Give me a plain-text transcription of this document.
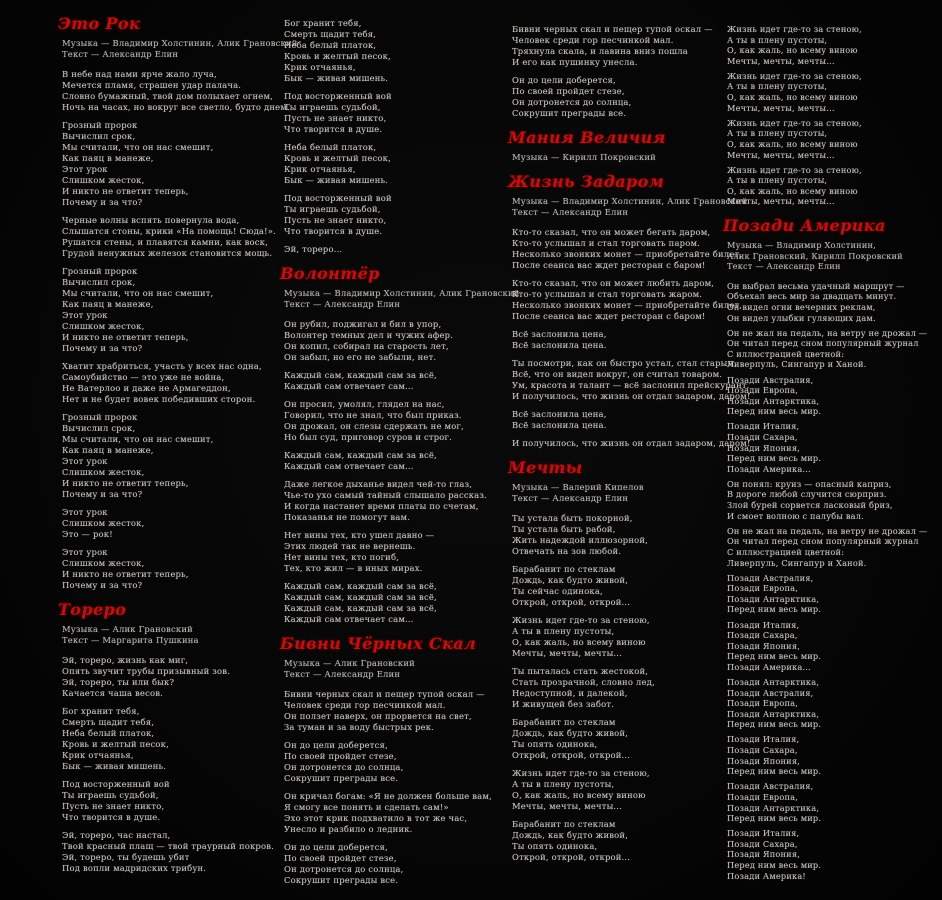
Это Рок
Музыка — Владимир Холстинин, Алик Грановский
Текст — Александр Елин
В небе над нами ярче жало луча,
Мечется пламя, страшен удар палача.
Словно бумажный, твой дом полыхает огнем,
Ночь на часах, но вокруг все светло, будто днем.
Грозный пророк
Вычислил срок,
Мы считали, что он нас смешит,
Как паяц в манеже,
Этот урок
Слишком жесток,
И никто не ответит теперь,
Почему и за что?
Черные волны вспять повернула вода,
Слышатся стоны, крики «На помощь! Сюда!».
Рушатся стены, и плавятся камни, как воск,
Грудой ненужных железок становится мощь.
Грозный пророк
Вычислил срок,
Мы считали, что он нас смешит,
Как паяц в манеже,
Этот урок
Слишком жесток,
И никто не ответит теперь,
Почему и за что?
Хватит храбриться, участь у всех нас одна,
Самоубийство — это уже не война,
Не Ватерлоо и даже не Армагеддон,
Нет и не будет вовек победивших сторон.
Грозный пророк
Вычислил срок,
Мы считали, что он нас смешит,
Как паяц в манеже,
Этот урок
Слишком жесток,
И никто не ответит теперь,
Почему и за что?
Этот урок
Слишком жесток,
Это — рок!
Этот урок
Слишком жесток,
И никто не ответит теперь,
Почему и за что?
Тореро
Музыка — Алик Грановский
Текст — Маргарита Пушкина
Эй, тореро, жизнь как миг,
Опять звучит трубы призывный зов.
Эй, тореро, ты или бык?
Качается чаша весов.
Бог хранит тебя,
Смерть щадит тебя,
Неба белый платок,
Кровь и желтый песок,
Крик отчаянья,
Бык — живая мишень.
Под восторженный вой
Ты играешь судьбой,
Пусть не знает никто,
Что творится в душе.
Эй, тореро, час настал,
Твой красный плащ — твой траурный покров.
Эй, тореро, ты будешь убит
Под вопли мадридских трибун.
Бог хранит тебя,
Смерть щадит тебя,
Неба белый платок,
Кровь и желтый песок,
Крик отчаянья,
Бык — живая мишень.
Под восторженный вой
Ты играешь судьбой,
Пусть не знает никто,
Что творится в душе.
Неба белый платок,
Кровь и желтый песок,
Крик отчаянья,
Бык — живая мишень.
Под восторженный вой
Ты играешь судьбой,
Пусть не знает никто,
Что творится в душе.
Эй, тореро...
Волонтёр
Музыка — Владимир Холстинин, Алик Грановский
Текст — Александр Елин
Он рубил, поджигал и бил в упор,
Волонтер темных дел и чужих афер.
Он копил, собирал на старость лет,
Он забыл, но его не забыли, нет.
Каждый сам, каждый сам за всё,
Каждый сам отвечает сам...
Он просил, умолял, глядел на нас,
Говорил, что не знал, что был приказ.
Он дрожал, он слезы сдержать не мог,
Но был суд, приговор суров и строг.
Каждый сам, каждый сам за всё,
Каждый сам отвечает сам...
Даже легкое дыханье видел чей-то глаз,
Чье-то ухо самый тайный слышало рассказ.
И когда настанет время платы по счетам,
Показанья не помогут вам.
Нет вины тех, кто ушел давно —
Этих людей так не вернешь.
Нет вины тех, кто погиб,
Тех, кто жил — в иных мирах.
Каждый сам, каждый сам за всё,
Каждый сам, каждый сам за всё,
Каждый сам, каждый сам за всё,
Каждый сам отвечает сам...
Бивни Чёрных Скал
Музыка — Алик Грановский
Текст — Александр Елин
Бивни черных скал и пещер тупой оскал —
Человек среди гор песчинкой мал.
Он ползет наверх, он прорвется на свет,
За туман и за воду быстрых рек.
Он до цели доберется,
По своей пройдет стезе,
Он дотронется до солнца,
Сокрушит преграды все.
Он кричал богам: «Я не должен больше вам,
Я смогу все понять и сделать сам!»
Эхо этот крик подхватило в тот же час,
Унесло и разбило о ледник.
Он до цели доберется,
По своей пройдет стезе,
Он дотронется до солнца,
Сокрушит преграды все.
Бивни черных скал и пещер тупой оскал —
Человек среди гор песчинкой мал.
Тряхнула скала, и лавина вниз пошла
И его как пушинку унесла.
Он до цели доберется,
По своей пройдет стезе,
Он дотронется до солнца,
Сокрушит преграды все.
Мания Величия
Музыка — Кирилл Покровский
Жизнь Задаром
Музыка — Владимир Холстинин, Алик Грановский
Текст — Александр Елин
Кто-то сказал, что он может бегать даром,
Кто-то услышал и стал торговать паром.
Несколько звонких монет — приобретайте билет,
После сеанса вас ждет ресторан с баром!
Кто-то сказал, что он может любить даром,
Кто-то услышал и стал торговать жаром.
Несколько звонких монет — приобретайте билет,
После сеанса вас ждет ресторан с баром!
Всё заслонила цена,
Всё заслонила цена.
Ты посмотри, как он быстро устал, стал старым,
Всё, что он видел вокруг, он считал товаром.
Ум, красота и талант — всё заслонил прейскурант,
И получилось, что жизнь он отдал задаром, даром!
Всё заслонила цена,
Всё заслонила цена.
И получилось, что жизнь он отдал задаром, даром!
Мечты
Музыка — Валерий Кипелов
Текст — Александр Елин
Ты устала быть покорной,
Ты устала быть рабой,
Жить надеждой иллюзорной,
Отвечать на зов любой.
Барабанит по стеклам
Дождь, как будто живой,
Ты сейчас одинока,
Открой, открой, открой...
Жизнь идет где-то за стеною,
А ты в плену пустоты,
О, как жаль, но всему виною
Мечты, мечты, мечты...
Ты пыталась стать жестокой,
Стать прозрачной, словно лед,
Недоступной, и далекой,
И живущей без забот.
Барабанит по стеклам
Дождь, как будто живой,
Ты опять одинока,
Открой, открой, открой...
Жизнь идет где-то за стеною,
А ты в плену пустоты,
О, как жаль, но всему виною
Мечты, мечты, мечты...
Барабанит по стеклам
Дождь, как будто живой,
Ты опять одинока,
Открой, открой, открой...
Жизнь идет где-то за стеною,
А ты в плену пустоты,
О, как жаль, но всему виною
Мечты, мечты, мечты...
Жизнь идет где-то за стеною,
А ты в плену пустоты,
О, как жаль, но всему виною
Мечты, мечты, мечты...
Жизнь идет где-то за стеною,
А ты в плену пустоты,
О, как жаль, но всему виною
Мечты, мечты, мечты...
Жизнь идет где-то за стеною,
А ты в плену пустоты,
О, как жаль, но всему виною
Мечты, мечты, мечты...
Позади Америка
Музыка — Владимир Холстинин,
Алик Грановский, Кирилл Покровский
Текст — Александр Елин
Он выбрал весьма удачный маршрут —
Объехал весь мир за двадцать минут.
Он видел огни вечерних реклам,
Он видел улыбки гуляющих дам.
Он не жал на педаль, на ветру не дрожал —
Он читал перед сном популярный журнал
С иллюстрацией цветной:
Ливерпуль, Сингапур и Ханой.
Позади Австралия,
Позади Европа,
Позади Антарктика,
Перед ним весь мир.
Позади Италия,
Позади Сахара,
Позади Япония,
Перед ним весь мир.
Позади Америка...
Он понял: круиз — опасный каприз,
В дороге любой случится сюрприз.
Злой бурей сорвется ласковый бриз,
И смоет волною с палубы вал.
Он не жал на педаль, на ветру не дрожал —
Он читал перед сном популярный журнал
С иллюстрацией цветной:
Ливерпуль, Сингапур и Ханой.
Позади Австралия,
Позади Европа,
Позади Антарктика,
Перед ним весь мир.
Позади Италия,
Позади Сахара,
Позади Япония,
Перед ним весь мир.
Позади Америка...
Позади Антарктика,
Позади Австралия,
Позади Европа,
Позади Антарктика,
Перед ним весь мир.
Позади Италия,
Позади Сахара,
Позади Япония,
Перед ним весь мир.
Позади Австралия,
Позади Европа,
Позади Антарктика,
Перед ним весь мир.
Позади Италия,
Позади Сахара,
Позади Япония,
Перед ним весь мир.
Позади Америка!
